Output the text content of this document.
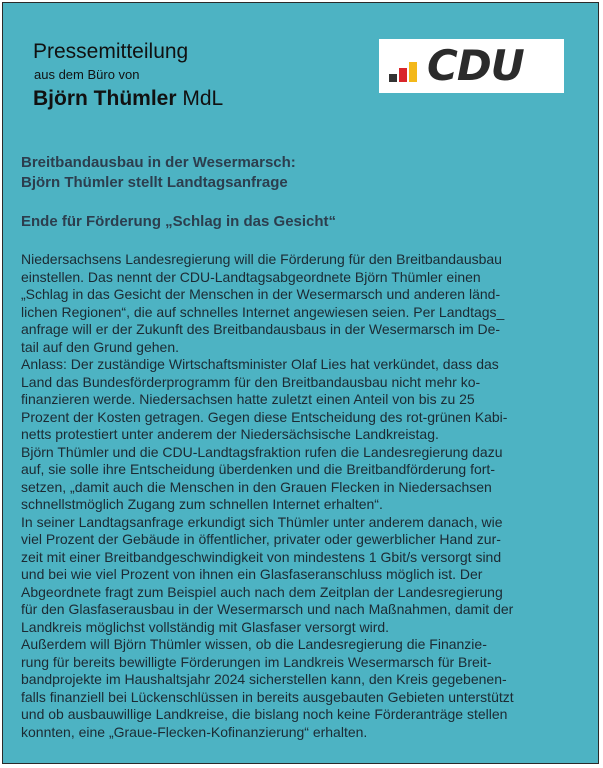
Pressemitteilung
aus dem Büro von
Björn Thümler MdL
CDU
Breitbandausbau in der Wesermarsch:
Björn Thümler stellt Landtagsanfrage
Ende für Förderung „Schlag in das Gesicht“
Niedersachsens Landesregierung will die Förderung für den Breitbandausbau
einstellen. Das nennt der CDU-Landtagsabgeordnete Björn Thümler einen
„Schlag in das Gesicht der Menschen in der Wesermarsch und anderen länd-
lichen Regionen“, die auf schnelles Internet angewiesen seien. Per Landtags_
anfrage will er der Zukunft des Breitbandausbaus in der Wesermarsch im De-
tail auf den Grund gehen.
Anlass: Der zuständige Wirtschaftsminister Olaf Lies hat verkündet, dass das
Land das Bundesförderprogramm für den Breitbandausbau nicht mehr ko-
finanzieren werde. Niedersachsen hatte zuletzt einen Anteil von bis zu 25
Prozent der Kosten getragen. Gegen diese Entscheidung des rot-grünen Kabi-
netts protestiert unter anderem der Niedersächsische Landkreistag.
Björn Thümler und die CDU-Landtagsfraktion rufen die Landesregierung dazu
auf, sie solle ihre Entscheidung überdenken und die Breitbandförderung fort-
setzen, „damit auch die Menschen in den Grauen Flecken in Niedersachsen
schnellstmöglich Zugang zum schnellen Internet erhalten“.
In seiner Landtagsanfrage erkundigt sich Thümler unter anderem danach, wie
viel Prozent der Gebäude in öffentlicher, privater oder gewerblicher Hand zur-
zeit mit einer Breitbandgeschwindigkeit von mindestens 1 Gbit/s versorgt sind
und bei wie viel Prozent von ihnen ein Glasfaseranschluss möglich ist. Der
Abgeordnete fragt zum Beispiel auch nach dem Zeitplan der Landesregierung
für den Glasfaserausbau in der Wesermarsch und nach Maßnahmen, damit der
Landkreis möglichst vollständig mit Glasfaser versorgt wird.
Außerdem will Björn Thümler wissen, ob die Landesregierung die Finanzie-
rung für bereits bewilligte Förderungen im Landkreis Wesermarsch für Breit-
bandprojekte im Haushaltsjahr 2024 sicherstellen kann, den Kreis gegebenen-
falls finanziell bei Lückenschlüssen in bereits ausgebauten Gebieten unterstützt
und ob ausbauwillige Landkreise, die bislang noch keine Förderanträge stellen
konnten, eine „Graue-Flecken-Kofinanzierung“ erhalten.
